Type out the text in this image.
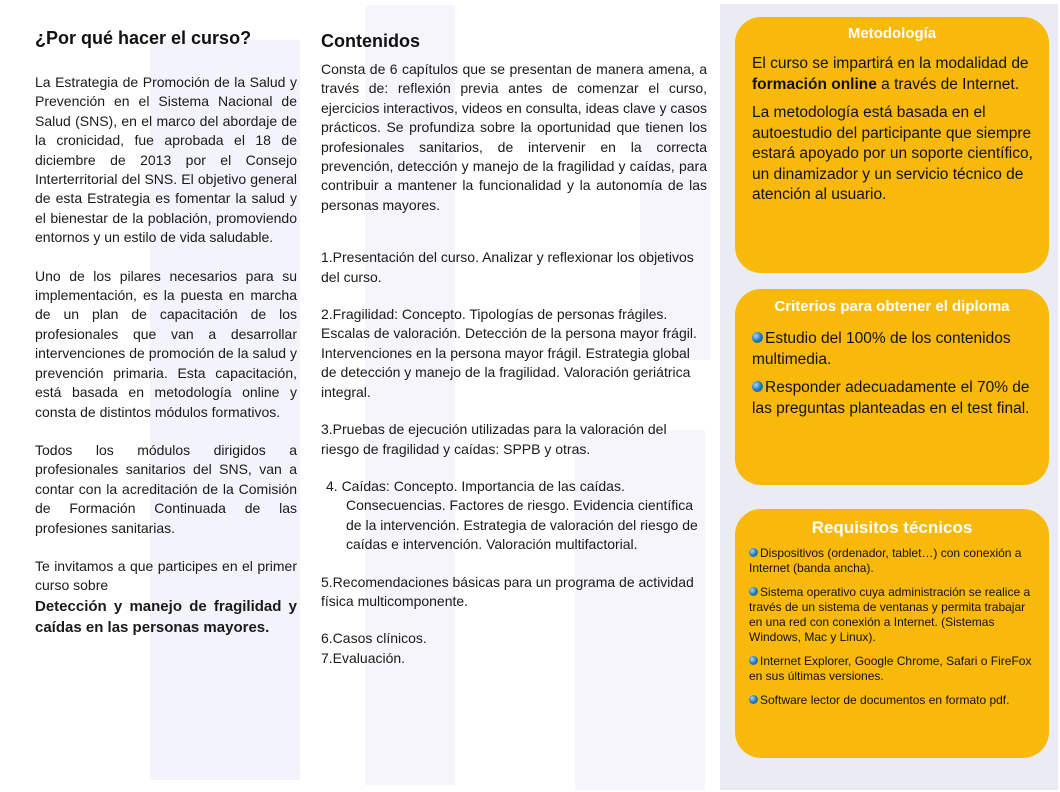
¿Por qué hacer el curso?

La Estrategia de Promoción de la Salud y Prevención en el Sistema Nacional de Salud (SNS), en el marco del abordaje de la cronicidad, fue aprobada el 18 de diciembre de 2013 por el Consejo Interterritorial del SNS. El objetivo general de esta Estrategia es fomentar la salud y el bienestar de la población, promoviendo entornos y un estilo de vida saludable.

Uno de los pilares necesarios para su implementación, es la puesta en marcha de un plan de capacitación de los profesionales que van a desarrollar intervenciones de promoción de la salud y prevención primaria. Esta capacitación, está basada en metodología online y consta de distintos módulos formativos.

Todos los módulos dirigidos a profesionales sanitarios del SNS, van a contar con la acreditación de la Comisión de Formación Continuada de las profesiones sanitarias.

Te invitamos a que participes en el primer curso sobre

Detección y manejo de fragilidad y caídas en las personas mayores.

Contenidos

Consta de 6 capítulos que se presentan de manera amena, a través de: reflexión previa antes de comenzar el curso, ejercicios interactivos, videos en consulta, ideas clave y casos prácticos. Se profundiza sobre la oportunidad que tienen los profesionales sanitarios, de intervenir en la correcta prevención, detección y manejo de la fragilidad y caídas, para contribuir a mantener la funcionalidad y la autonomía de las personas mayores.

1.Presentación del curso. Analizar y reflexionar los objetivos del curso.

2.Fragilidad: Concepto. Tipologías de personas frágiles. Escalas de valoración. Detección de la persona mayor frágil. Intervenciones en la persona mayor frágil. Estrategia global de detección y manejo de la fragilidad. Valoración geriátrica integral.

3.Pruebas de ejecución utilizadas para la valoración del riesgo de fragilidad y caídas: SPPB y otras.

4. Caídas: Concepto. Importancia de las caídas. Consecuencias. Factores de riesgo. Evidencia científica de la intervención. Estrategia de valoración del riesgo de caídas e intervención. Valoración multifactorial.

5.Recomendaciones básicas para un programa de actividad física multicomponente.

6.Casos clínicos.

7.Evaluación.

Metodología

El curso se impartirá en la modalidad de formación online a través de Internet.

La metodología está basada en el autoestudio del participante que siempre estará apoyado por un soporte científico, un dinamizador y un servicio técnico de atención al usuario.

Criterios para obtener el diploma

Estudio del 100% de los contenidos multimedia.

Responder adecuadamente el 70% de las preguntas planteadas en el test final.

Requisitos técnicos

Dispositivos (ordenador, tablet…) con conexión a Internet (banda ancha).

Sistema operativo cuya administración se realice a través de un sistema de ventanas y permita trabajar en una red con conexión a Internet. (Sistemas Windows, Mac y Linux).

Internet Explorer, Google Chrome, Safari o FireFox en sus últimas versiones.

Software lector de documentos en formato pdf.
